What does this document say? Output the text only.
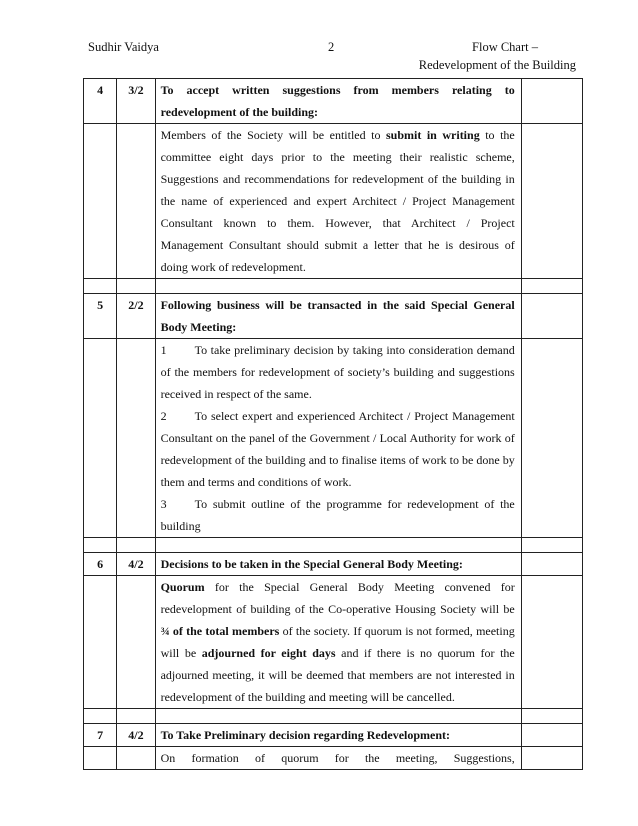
Sudhir Vaidya	2	Flow Chart –
Redevelopment of the Building
4	3/2	To accept written suggestions from members relating to redevelopment of the building:	
		Members of the Society will be entitled to submit in writing to the committee eight days prior to the meeting their realistic scheme, Suggestions and recommendations for redevelopment of the building in the name of experienced and expert Architect / Project Management Consultant known to them. However, that Architect / Project Management Consultant should submit a letter that he is desirous of doing work of redevelopment.	

5	2/2	Following business will be transacted in the said Special General Body Meeting:	

		1 To take preliminary decision by taking into consideration demand of the members for redevelopment of society’s building and suggestions received in respect of the same.
2 To select expert and experienced Architect / Project Management Consultant on the panel of the Government / Local Authority for work of redevelopment of the building and to finalise items of work to be done by them and terms and conditions of work.
3 To submit outline of the programme for redevelopment of the building	

6	4/2	Decisions to be taken in the Special General Body Meeting:	
		Quorum for the Special General Body Meeting convened for redevelopment of building of the Co-operative Housing Society will be ¾ of the total members of the society. If quorum is not formed, meeting will be adjourned for eight days and if there is no quorum for the adjourned meeting, it will be deemed that members are not interested in redevelopment of the building and meeting will be cancelled.	

7	4/2	To Take Preliminary decision regarding Redevelopment:	
		On formation of quorum for the meeting, Suggestions,	
